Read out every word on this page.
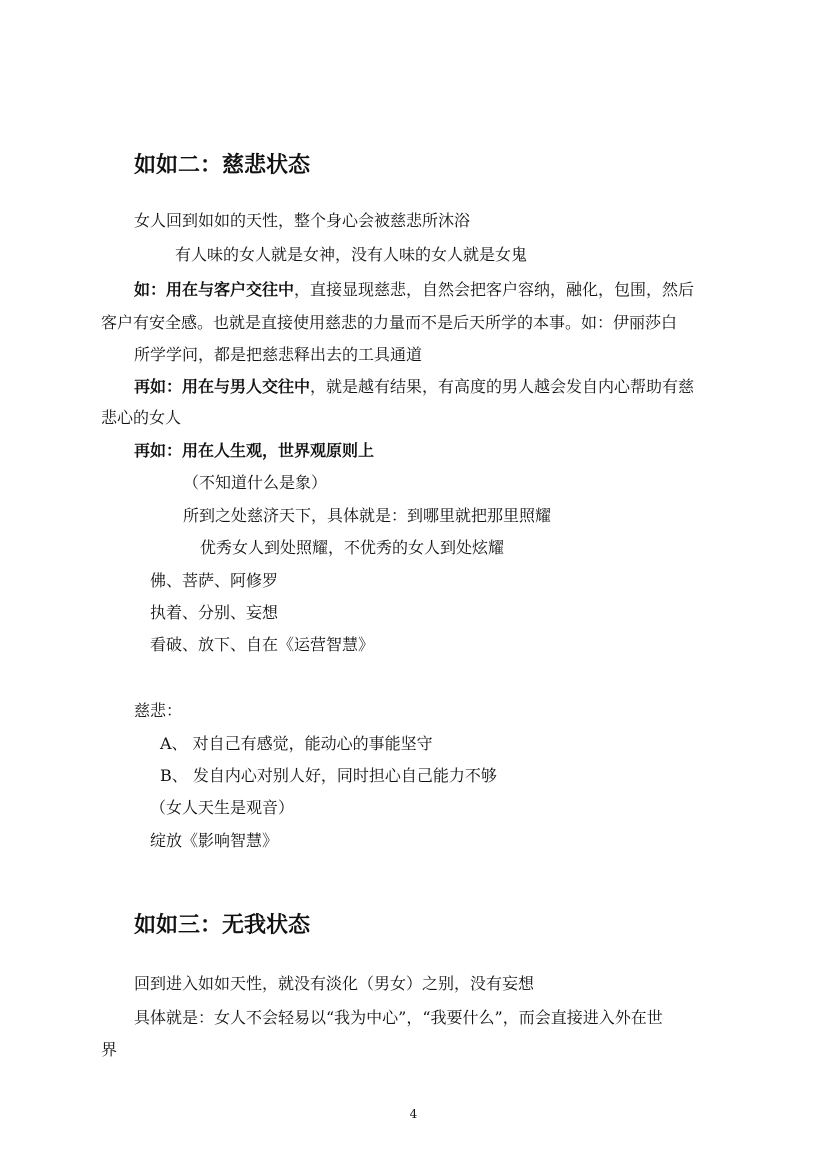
如如二：慈悲状态
女人回到如如的天性，整个身心会被慈悲所沐浴
有人味的女人就是女神，没有人味的女人就是女鬼
如：用在与客户交往中，直接显现慈悲，自然会把客户容纳，融化，包围，然后
客户有安全感。也就是直接使用慈悲的力量而不是后天所学的本事。如：伊丽莎白
所学学问，都是把慈悲释出去的工具通道
再如：用在与男人交往中，就是越有结果，有高度的男人越会发自内心帮助有慈
悲心的女人
再如：用在人生观，世界观原则上
（不知道什么是象）
所到之处慈济天下，具体就是：到哪里就把那里照耀
优秀女人到处照耀，不优秀的女人到处炫耀
佛、菩萨、阿修罗
执着、分别、妄想
看破、放下、自在《运营智慧》
慈悲：
A、 对自己有感觉，能动心的事能坚守
B、 发自内心对别人好，同时担心自己能力不够
（女人天生是观音）
绽放《影响智慧》
如如三：无我状态
回到进入如如天性，就没有淡化（男女）之别，没有妄想
具体就是：女人不会轻易以“我为中心”，“我要什么”，而会直接进入外在世
界
4
